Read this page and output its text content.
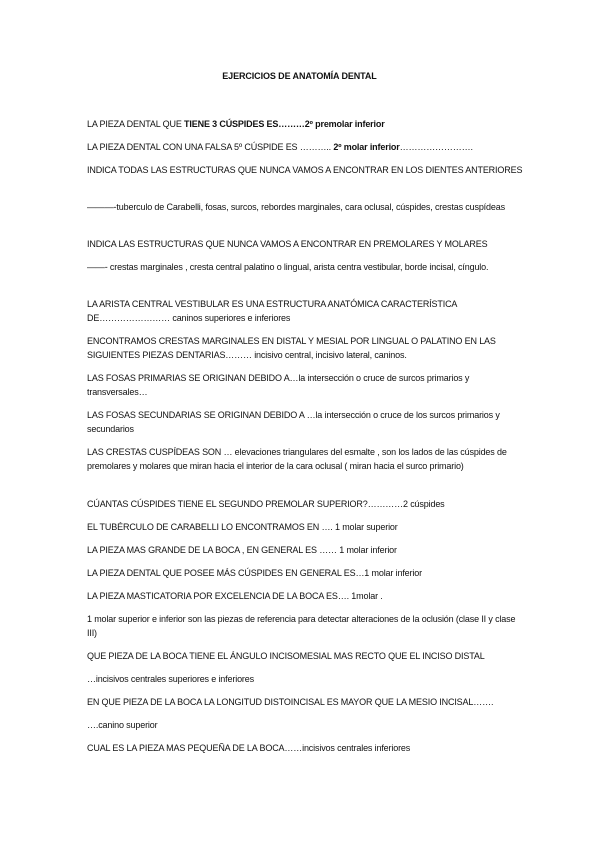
EJERCICIOS DE ANATOMÍA DENTAL
LA PIEZA DENTAL QUE TIENE 3 CÚSPIDES ES………2º premolar inferior
LA PIEZA DENTAL CON UNA FALSA 5º CÚSPIDE ES ……….. 2º molar inferior…………………….
INDICA TODAS LAS ESTRUCTURAS QUE NUNCA VAMOS A ENCONTRAR EN LOS DIENTES ANTERIORES
———-tuberculo de Carabelli, fosas, surcos, rebordes marginales, cara oclusal, cúspides, crestas cuspídeas
INDICA LAS ESTRUCTURAS QUE NUNCA VAMOS A ENCONTRAR EN PREMOLARES Y MOLARES
——- crestas marginales , cresta central palatino o lingual, arista centra vestibular, borde incisal, cíngulo.
LA ARISTA CENTRAL VESTIBULAR ES UNA ESTRUCTURA ANATÓMICA CARACTERÍSTICA DE…………………… caninos superiores e inferiores
ENCONTRAMOS CRESTAS MARGINALES EN DISTAL Y MESIAL POR LINGUAL O PALATINO EN LAS SIGUIENTES PIEZAS DENTARIAS……… incisivo central, incisivo lateral, caninos.
LAS FOSAS PRIMARIAS SE ORIGINAN DEBIDO A…la intersección o cruce de surcos primarios y transversales…
LAS FOSAS SECUNDARIAS SE ORIGINAN DEBIDO A …la intersección o cruce de los surcos primarios y secundarios
LAS CRESTAS CUSPÍDEAS SON … elevaciones triangulares del esmalte , son los lados de las cúspides de premolares y molares que miran hacia el interior de la cara oclusal ( miran hacia el surco primario)
CÚANTAS CÚSPIDES TIENE EL SEGUNDO PREMOLAR SUPERIOR?…………2 cúspides
EL TUBÉRCULO DE CARABELLI LO ENCONTRAMOS EN …. 1 molar superior
LA PIEZA MAS GRANDE DE LA BOCA , EN GENERAL ES …… 1 molar inferior
LA PIEZA DENTAL QUE POSEE MÁS CÚSPIDES EN GENERAL ES…1 molar inferior
LA PIEZA MASTICATORIA POR EXCELENCIA DE LA BOCA ES…. 1molar .
1 molar superior e inferior son las piezas de referencia para detectar alteraciones de la oclusión (clase II y clase III)
QUE PIEZA DE LA BOCA TIENE EL ÁNGULO INCISOMESIAL MAS RECTO QUE EL INCISO DISTAL
…incisivos centrales superiores e inferiores
EN QUE PIEZA DE LA BOCA LA LONGITUD DISTOINCISAL ES MAYOR QUE LA MESIO INCISAL…….
….canino superior
CUAL ES LA PIEZA MAS PEQUEÑA DE LA BOCA……incisivos centrales inferiores
